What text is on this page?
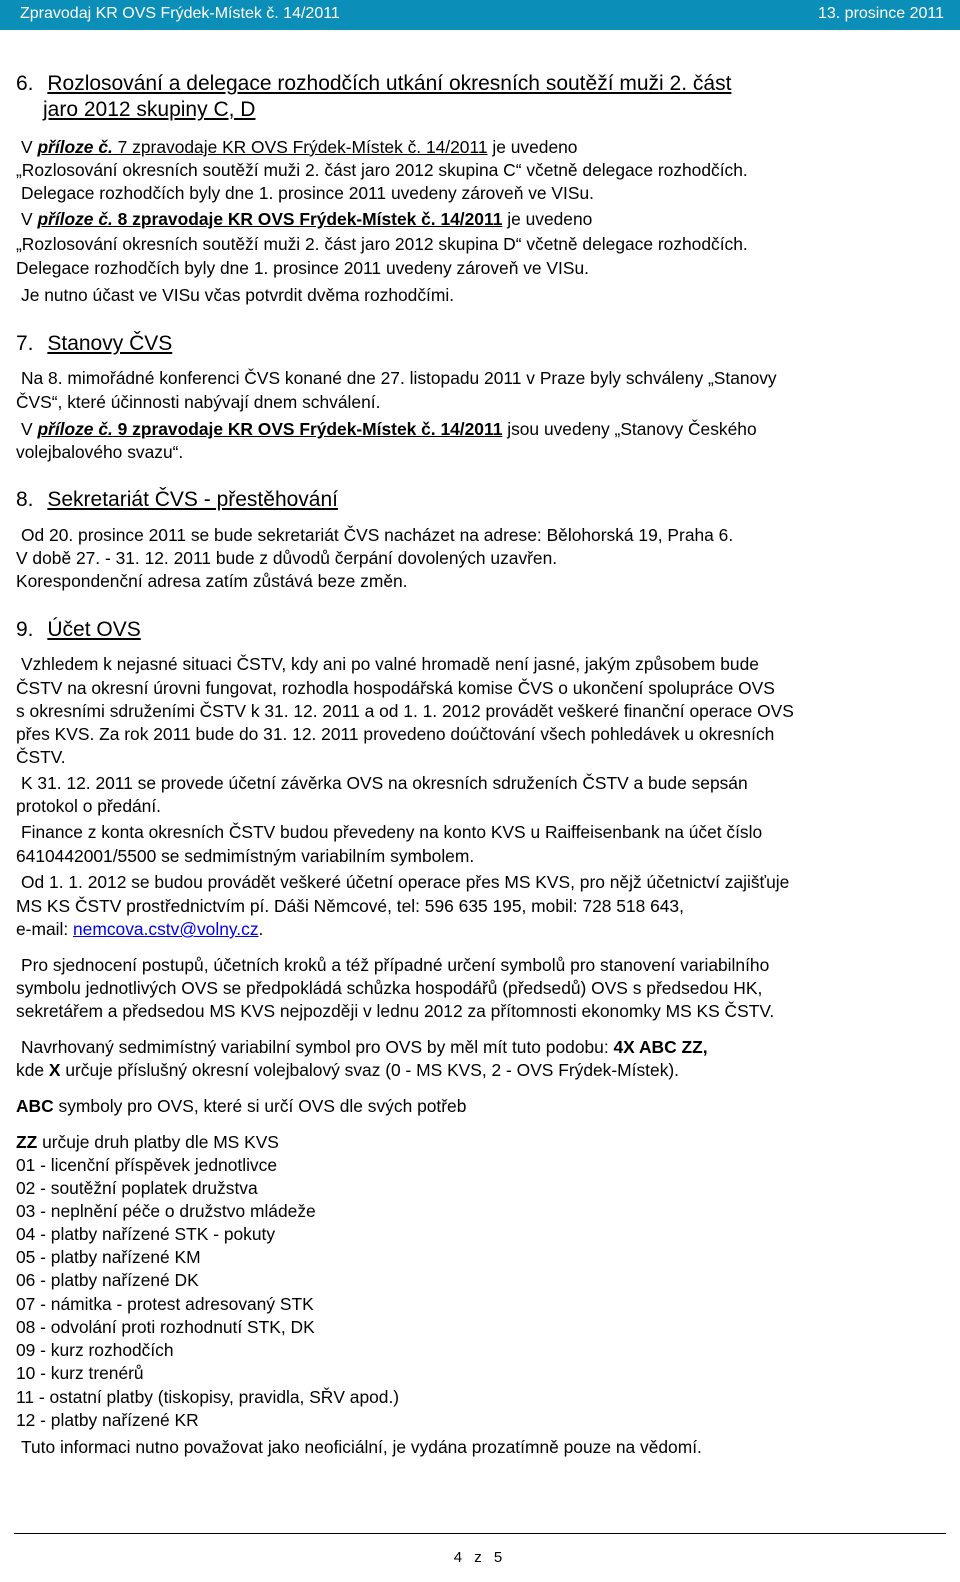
Zpravodaj KR OVS Frýdek-Místek č. 14/2011	13. prosince 2011
6. Rozlosování a delegace rozhodčích utkání okresních soutěží muži 2. část
jaro 2012 skupiny C, D
V příloze č. 7 zpravodaje KR OVS Frýdek-Místek č. 14/2011 je uvedeno
„Rozlosování okresních soutěží muži 2. část jaro 2012 skupina C“ včetně delegace rozhodčích.
Delegace rozhodčích byly dne 1. prosince 2011 uvedeny zároveň ve VISu.
V příloze č. 8 zpravodaje KR OVS Frýdek-Místek č. 14/2011 je uvedeno
„Rozlosování okresních soutěží muži 2. část jaro 2012 skupina D“ včetně delegace rozhodčích.
Delegace rozhodčích byly dne 1. prosince 2011 uvedeny zároveň ve VISu.
Je nutno účast ve VISu včas potvrdit dvěma rozhodčími.
7. Stanovy ČVS
Na 8. mimořádné konferenci ČVS konané dne 27. listopadu 2011 v Praze byly schváleny „Stanovy
ČVS“, které účinnosti nabývají dnem schválení.
V příloze č. 9 zpravodaje KR OVS Frýdek-Místek č. 14/2011 jsou uvedeny „Stanovy Českého
volejbalového svazu“.
8. Sekretariát ČVS - přestěhování
Od 20. prosince 2011 se bude sekretariát ČVS nacházet na adrese: Bělohorská 19, Praha 6.
V době 27. - 31. 12. 2011 bude z důvodů čerpání dovolených uzavřen.
Korespondenční adresa zatím zůstává beze změn.
9. Účet OVS
Vzhledem k nejasné situaci ČSTV, kdy ani po valné hromadě není jasné, jakým způsobem bude
ČSTV na okresní úrovni fungovat, rozhodla hospodářská komise ČVS o ukončení spolupráce OVS
s okresními sdruženími ČSTV k 31. 12. 2011 a od 1. 1. 2012 provádět veškeré finanční operace OVS
přes KVS. Za rok 2011 bude do 31. 12. 2011 provedeno doúčtování všech pohledávek u okresních
ČSTV.
K 31. 12. 2011 se provede účetní závěrka OVS na okresních sdruženích ČSTV a bude sepsán
protokol o předání.
Finance z konta okresních ČSTV budou převedeny na konto KVS u Raiffeisenbank na účet číslo
6410442001/5500 se sedmimístným variabilním symbolem.
Od 1. 1. 2012 se budou provádět veškeré účetní operace přes MS KVS, pro nějž účetnictví zajišťuje
MS KS ČSTV prostřednictvím pí. Dáši Němcové, tel: 596 635 195, mobil: 728 518 643,
e-mail: nemcova.cstv@volny.cz.
Pro sjednocení postupů, účetních kroků a též případné určení symbolů pro stanovení variabilního
symbolu jednotlivých OVS se předpokládá schůzka hospodářů (předsedů) OVS s předsedou HK,
sekretářem a předsedou MS KVS nejpozději v lednu 2012 za přítomnosti ekonomky MS KS ČSTV.
Navrhovaný sedmimístný variabilní symbol pro OVS by měl mít tuto podobu: 4X ABC ZZ,
kde X určuje příslušný okresní volejbalový svaz (0 - MS KVS, 2 - OVS Frýdek-Místek).
ABC symboly pro OVS, které si určí OVS dle svých potřeb
ZZ určuje druh platby dle MS KVS
01 - licenční příspěvek jednotlivce
02 - soutěžní poplatek družstva
03 - neplnění péče o družstvo mládeže
04 - platby nařízené STK - pokuty
05 - platby nařízené KM
06 - platby nařízené DK
07 - námitka - protest adresovaný STK
08 - odvolání proti rozhodnutí STK, DK
09 - kurz rozhodčích
10 - kurz trenérů
11 - ostatní platby (tiskopisy, pravidla, SŘV apod.)
12 - platby nařízené KR
Tuto informaci nutno považovat jako neoficiální, je vydána prozatímně pouze na vědomí.
4 z 5
